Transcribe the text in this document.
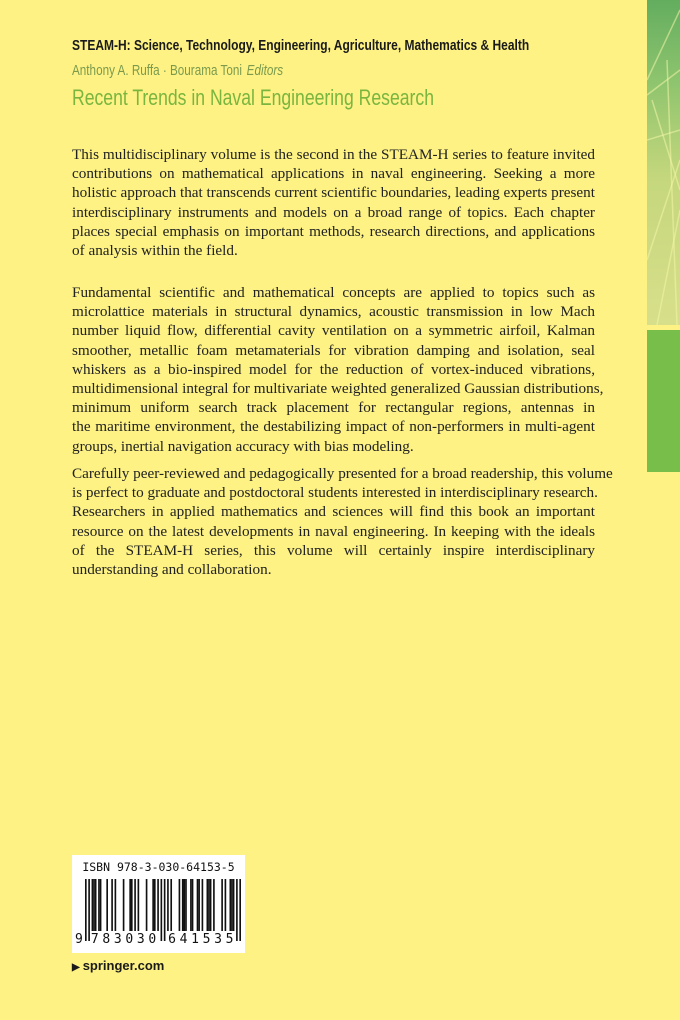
STEAM-H: Science, Technology, Engineering, Agriculture, Mathematics & Health
Anthony A. Ruffa · Bourama Toni Editors
Recent Trends in Naval Engineering Research
This multidisciplinary volume is the second in the STEAM-H series to feature invited
contributions on mathematical applications in naval engineering. Seeking a more
holistic approach that transcends current scientific boundaries, leading experts present
interdisciplinary instruments and models on a broad range of topics. Each chapter
places special emphasis on important methods, research directions, and applications
of analysis within the field.
Fundamental scientific and mathematical concepts are applied to topics such as
microlattice materials in structural dynamics, acoustic transmission in low Mach
number liquid flow, differential cavity ventilation on a symmetric airfoil, Kalman
smoother, metallic foam metamaterials for vibration damping and isolation, seal
whiskers as a bio-inspired model for the reduction of vortex-induced vibrations,
multidimensional integral for multivariate weighted generalized Gaussian distributions,
minimum uniform search track placement for rectangular regions, antennas in
the maritime environment, the destabilizing impact of non-performers in multi-agent
groups, inertial navigation accuracy with bias modeling.
Carefully peer-reviewed and pedagogically presented for a broad readership, this volume
is perfect to graduate and postdoctoral students interested in interdisciplinary research.
Researchers in applied mathematics and sciences will find this book an important
resource on the latest developments in naval engineering. In keeping with the ideals
of the STEAM-H series, this volume will certainly inspire interdisciplinary
understanding and collaboration.
ISBN 978-3-030-64153-5
9 7 8 3 0 3 0 6 4 1 5 3 5
▶ springer.com
